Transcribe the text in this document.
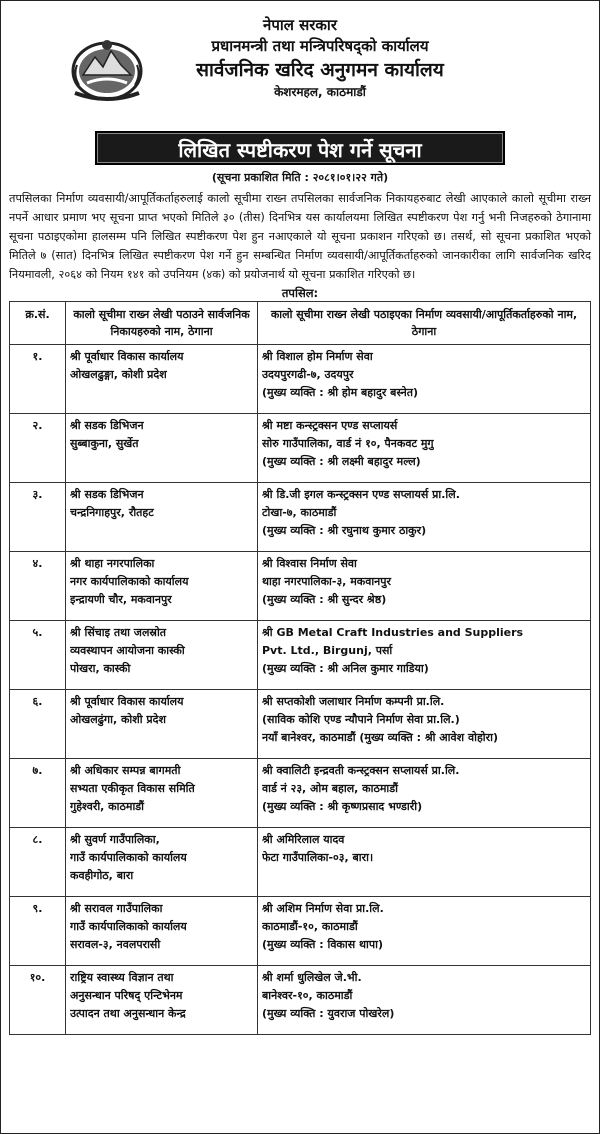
नेपाल सरकार
प्रधानमन्त्री तथा मन्त्रिपरिषद्को कार्यालय
सार्वजनिक खरिद अनुगमन कार्यालय
केशरमहल, काठमाडौं
लिखित स्पष्टीकरण पेश गर्ने सूचना
(सूचना प्रकाशित मिति : २०८१।०१।२२ गते)

तपसिलका निर्माण व्यवसायी/आपूर्तिकर्ताहरुलाई कालो सूचीमा राख्न तपसिलका सार्वजनिक निकायहरुबाट लेखी आएकाले कालो सूचीमा राख्न नपर्ने आधार प्रमाण भए सूचना प्राप्त भएको मितिले ३० (तीस) दिनभित्र यस कार्यालयमा लिखित स्पष्टीकरण पेश गर्नु भनी निजहरुको ठेगानामा सूचना पठाइएकोमा हालसम्म पनि लिखित स्पष्टीकरण पेश हुन नआएकाले यो सूचना प्रकाशन गरिएको छ। तसर्थ, सो सूचना प्रकाशित भएको मितिले ७ (सात) दिनभित्र लिखित स्पष्टीकरण पेश गर्ने हुन सम्बन्धित निर्माण व्यवसायी/आपूर्तिकर्ताहरुको जानकारीका लागि सार्वजनिक खरिद नियमावली, २०६४ को नियम १४१ को उपनियम (४क) को प्रयोजनार्थ यो सूचना प्रकाशित गरिएको छ।

तपसिल:
क्र.सं.	कालो सूचीमा राख्न लेखी पठाउने सार्वजनिक निकायहरुको नाम, ठेगाना	कालो सूचीमा राख्न लेखी पठाइएका निर्माण व्यवसायी/आपूर्तिकर्ताहरुको नाम, ठेगाना
१.	श्री पूर्वाधार विकास कार्यालय
ओखलढुङ्गा, कोशी प्रदेश	श्री विशाल होम निर्माण सेवा
उदयपुरगढी-७, उदयपुर
(मुख्य व्यक्ति : श्री होम बहादुर बस्नेत)

२.	श्री सडक डिभिजन
सुब्बाकुना, सुर्खेत	श्री मष्टा कन्स्ट्रक्सन एण्ड सप्लायर्स
सोरु गाउँपालिका, वार्ड नं १०, पैनकवट मुगु
(मुख्य व्यक्ति : श्री लक्ष्मी बहादुर मल्ल)

३.	श्री सडक डिभिजन
चन्द्रनिगाहपुर, रौतहट	श्री डि.जी इगल कन्स्ट्रक्सन एण्ड सप्लायर्स प्रा.लि.
टोखा-७, काठमाडौं
(मुख्य व्यक्ति : श्री रघुनाथ कुमार ठाकुर)

४.	श्री थाहा नगरपालिका
नगर कार्यपालिकाको कार्यालय
इन्द्रायणी चौर, मकवानपुर	श्री विश्वास निर्माण सेवा
थाहा नगरपालिका-३, मकवानपुर
(मुख्य व्यक्ति : श्री सुन्दर श्रेष्ठ)

५.	श्री सिंचाइ तथा जलस्रोत
व्यवस्थापन आयोजना कास्की
पोखरा, कास्की	श्री GB Metal Craft Industries and Suppliers
Pvt. Ltd., Birgunj, पर्सा
(मुख्य व्यक्ति : श्री अनिल कुमार गाडिया)

६.	श्री पूर्वाधार विकास कार्यालय
ओखलढुंगा, कोशी प्रदेश	श्री सप्तकोशी जलाधार निर्माण कम्पनी प्रा.लि.
(साविक कोशि एण्ड न्यौपाने निर्माण सेवा प्रा.लि.)
नयाँ बानेश्वर, काठमाडौं (मुख्य व्यक्ति : श्री आवेश वोहोरा)

७.	श्री अधिकार सम्पन्न बागमती
सभ्यता एकीकृत विकास समिति
गुहेश्वरी, काठमाडौं	श्री क्वालिटी इन्द्रवती कन्स्ट्रक्सन सप्लायर्स प्रा.लि.
वार्ड नं २३, ओम बहाल, काठमाडौं
(मुख्य व्यक्ति : श्री कृष्णप्रसाद भण्डारी)

८.	श्री सुवर्ण गाउँपालिका,
गाउँ कार्यपालिकाको कार्यालय
कवहीगोठ, बारा	श्री अमिरिलाल यादव
फेटा गाउँपालिका-०३, बारा।

९.	श्री सरावल गाउँपालिका
गाउँ कार्यपालिकाको कार्यालय
सरावल-३, नवलपरासी	श्री अशिम निर्माण सेवा प्रा.लि.
काठमाडौं-१०, काठमाडौं
(मुख्य व्यक्ति : विकास थापा)

१०.	राष्ट्रिय स्वास्थ्य विज्ञान तथा
अनुसन्धान परिषद् एन्टिभेनम
उत्पादन तथा अनुसन्धान केन्द्र	श्री शर्मा धुलिखेल जे.भी.
बानेश्वर-१०, काठमाडौं
(मुख्य व्यक्ति : युवराज पोखरेल)
